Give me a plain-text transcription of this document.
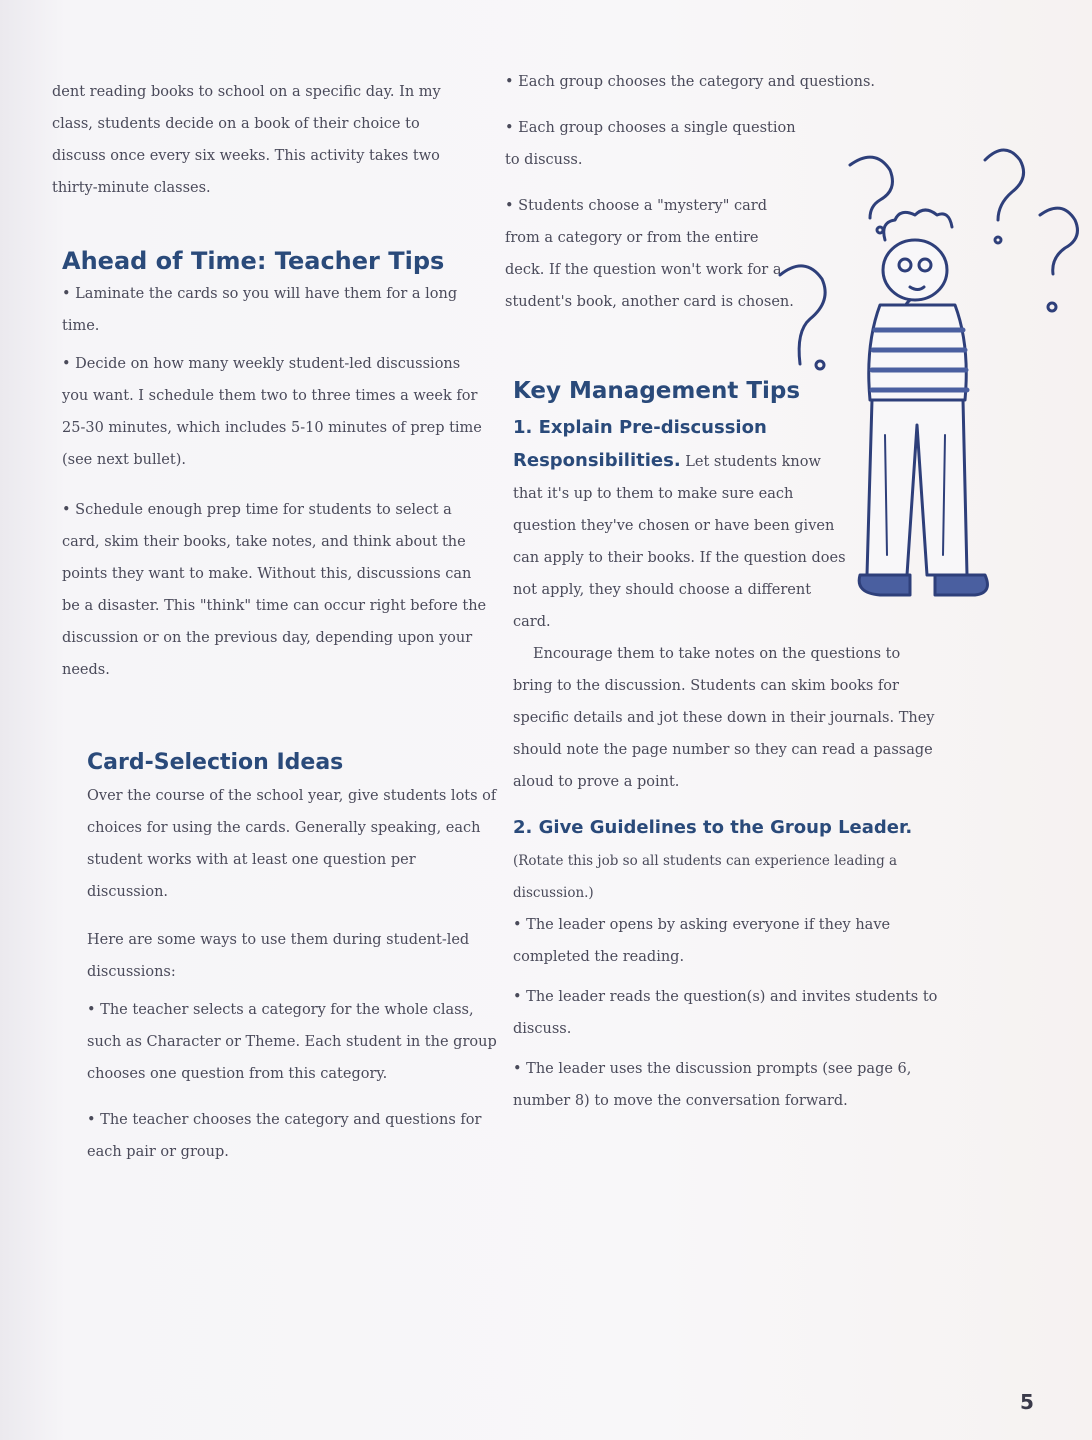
dent reading books to school on a specific day. In my class, students decide on a book of their choice to discuss once every six weeks. This activity takes two thirty-minute classes.

Ahead of Time: Teacher Tips

• Laminate the cards so you will have them for a long time.

• Decide on how many weekly student-led discussions you want. I schedule them two to three times a week for 25-30 minutes, which includes 5-10 minutes of prep time (see next bullet).

• Schedule enough prep time for students to select a card, skim their books, take notes, and think about the points they want to make. Without this, discussions can be a disaster. This "think" time can occur right before the discussion or on the previous day, depending upon your needs.

Card-Selection Ideas

Over the course of the school year, give students lots of choices for using the cards. Generally speaking, each student works with at least one question per discussion.

Here are some ways to use them during student-led discussions:

• The teacher selects a category for the whole class, such as Character or Theme. Each student in the group chooses one question from this category.

• The teacher chooses the category and questions for each pair or group.

• Each group chooses the category and questions.

• Each group chooses a single question to discuss.

• Students choose a "mystery" card from a category or from the entire deck. If the question won't work for a student's book, another card is chosen.

Key Management Tips

1. Explain Pre-discussion Responsibilities. Let students know that it's up to them to make sure each question they've chosen or have been given can apply to their books. If the question does not apply, they should choose a different card.

Encourage them to take notes on the questions to bring to the discussion. Students can skim books for specific details and jot these down in their journals. They should note the page number so they can read a passage aloud to prove a point.

2. Give Guidelines to the Group Leader. (Rotate this job so all students can experience leading a discussion.)

• The leader opens by asking everyone if they have completed the reading.

• The leader reads the question(s) and invites students to discuss.

• The leader uses the discussion prompts (see page 6, number 8) to move the conversation forward.

5
